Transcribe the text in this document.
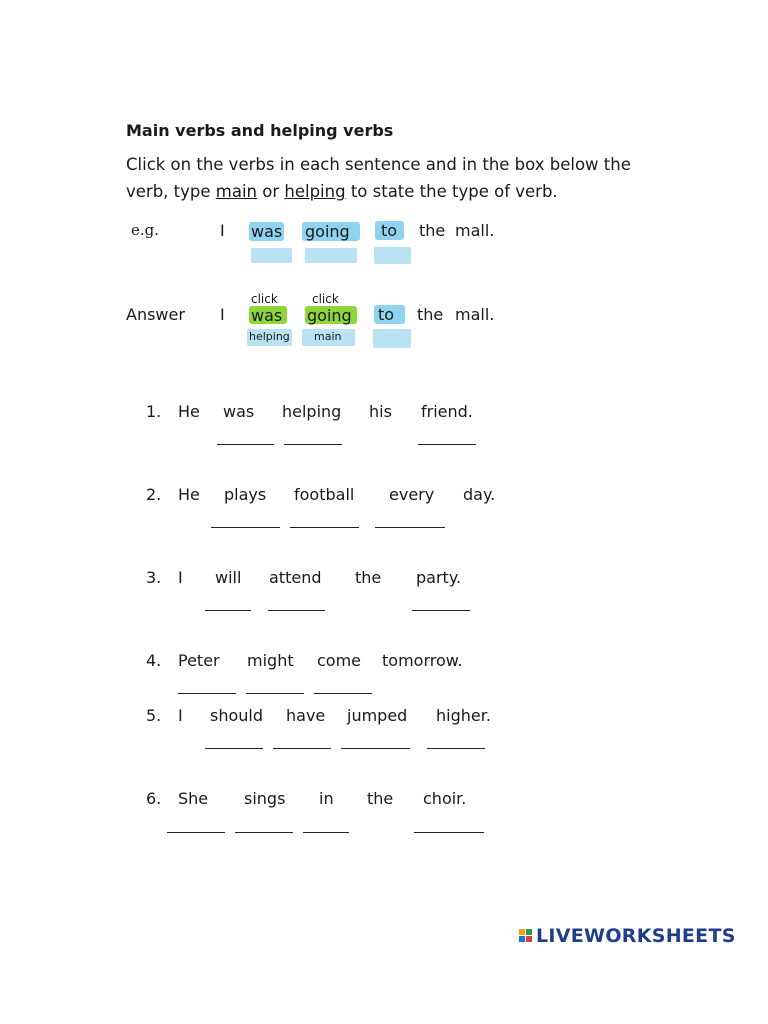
Main verbs and helping verbs
Click on the verbs in each sentence and in the box below the
verb, type main or helping to state the type of verb.
e.g.	I was going to the mall.
click	click
Answer I was going to the mall.
helping main
1. He was helping his friend.
2. He plays football every day.
3. I will attend the party.
4. Peter might come tomorrow.
5. I should have jumped higher.
6. She sings in the choir.
LIVEWORKSHEETS
